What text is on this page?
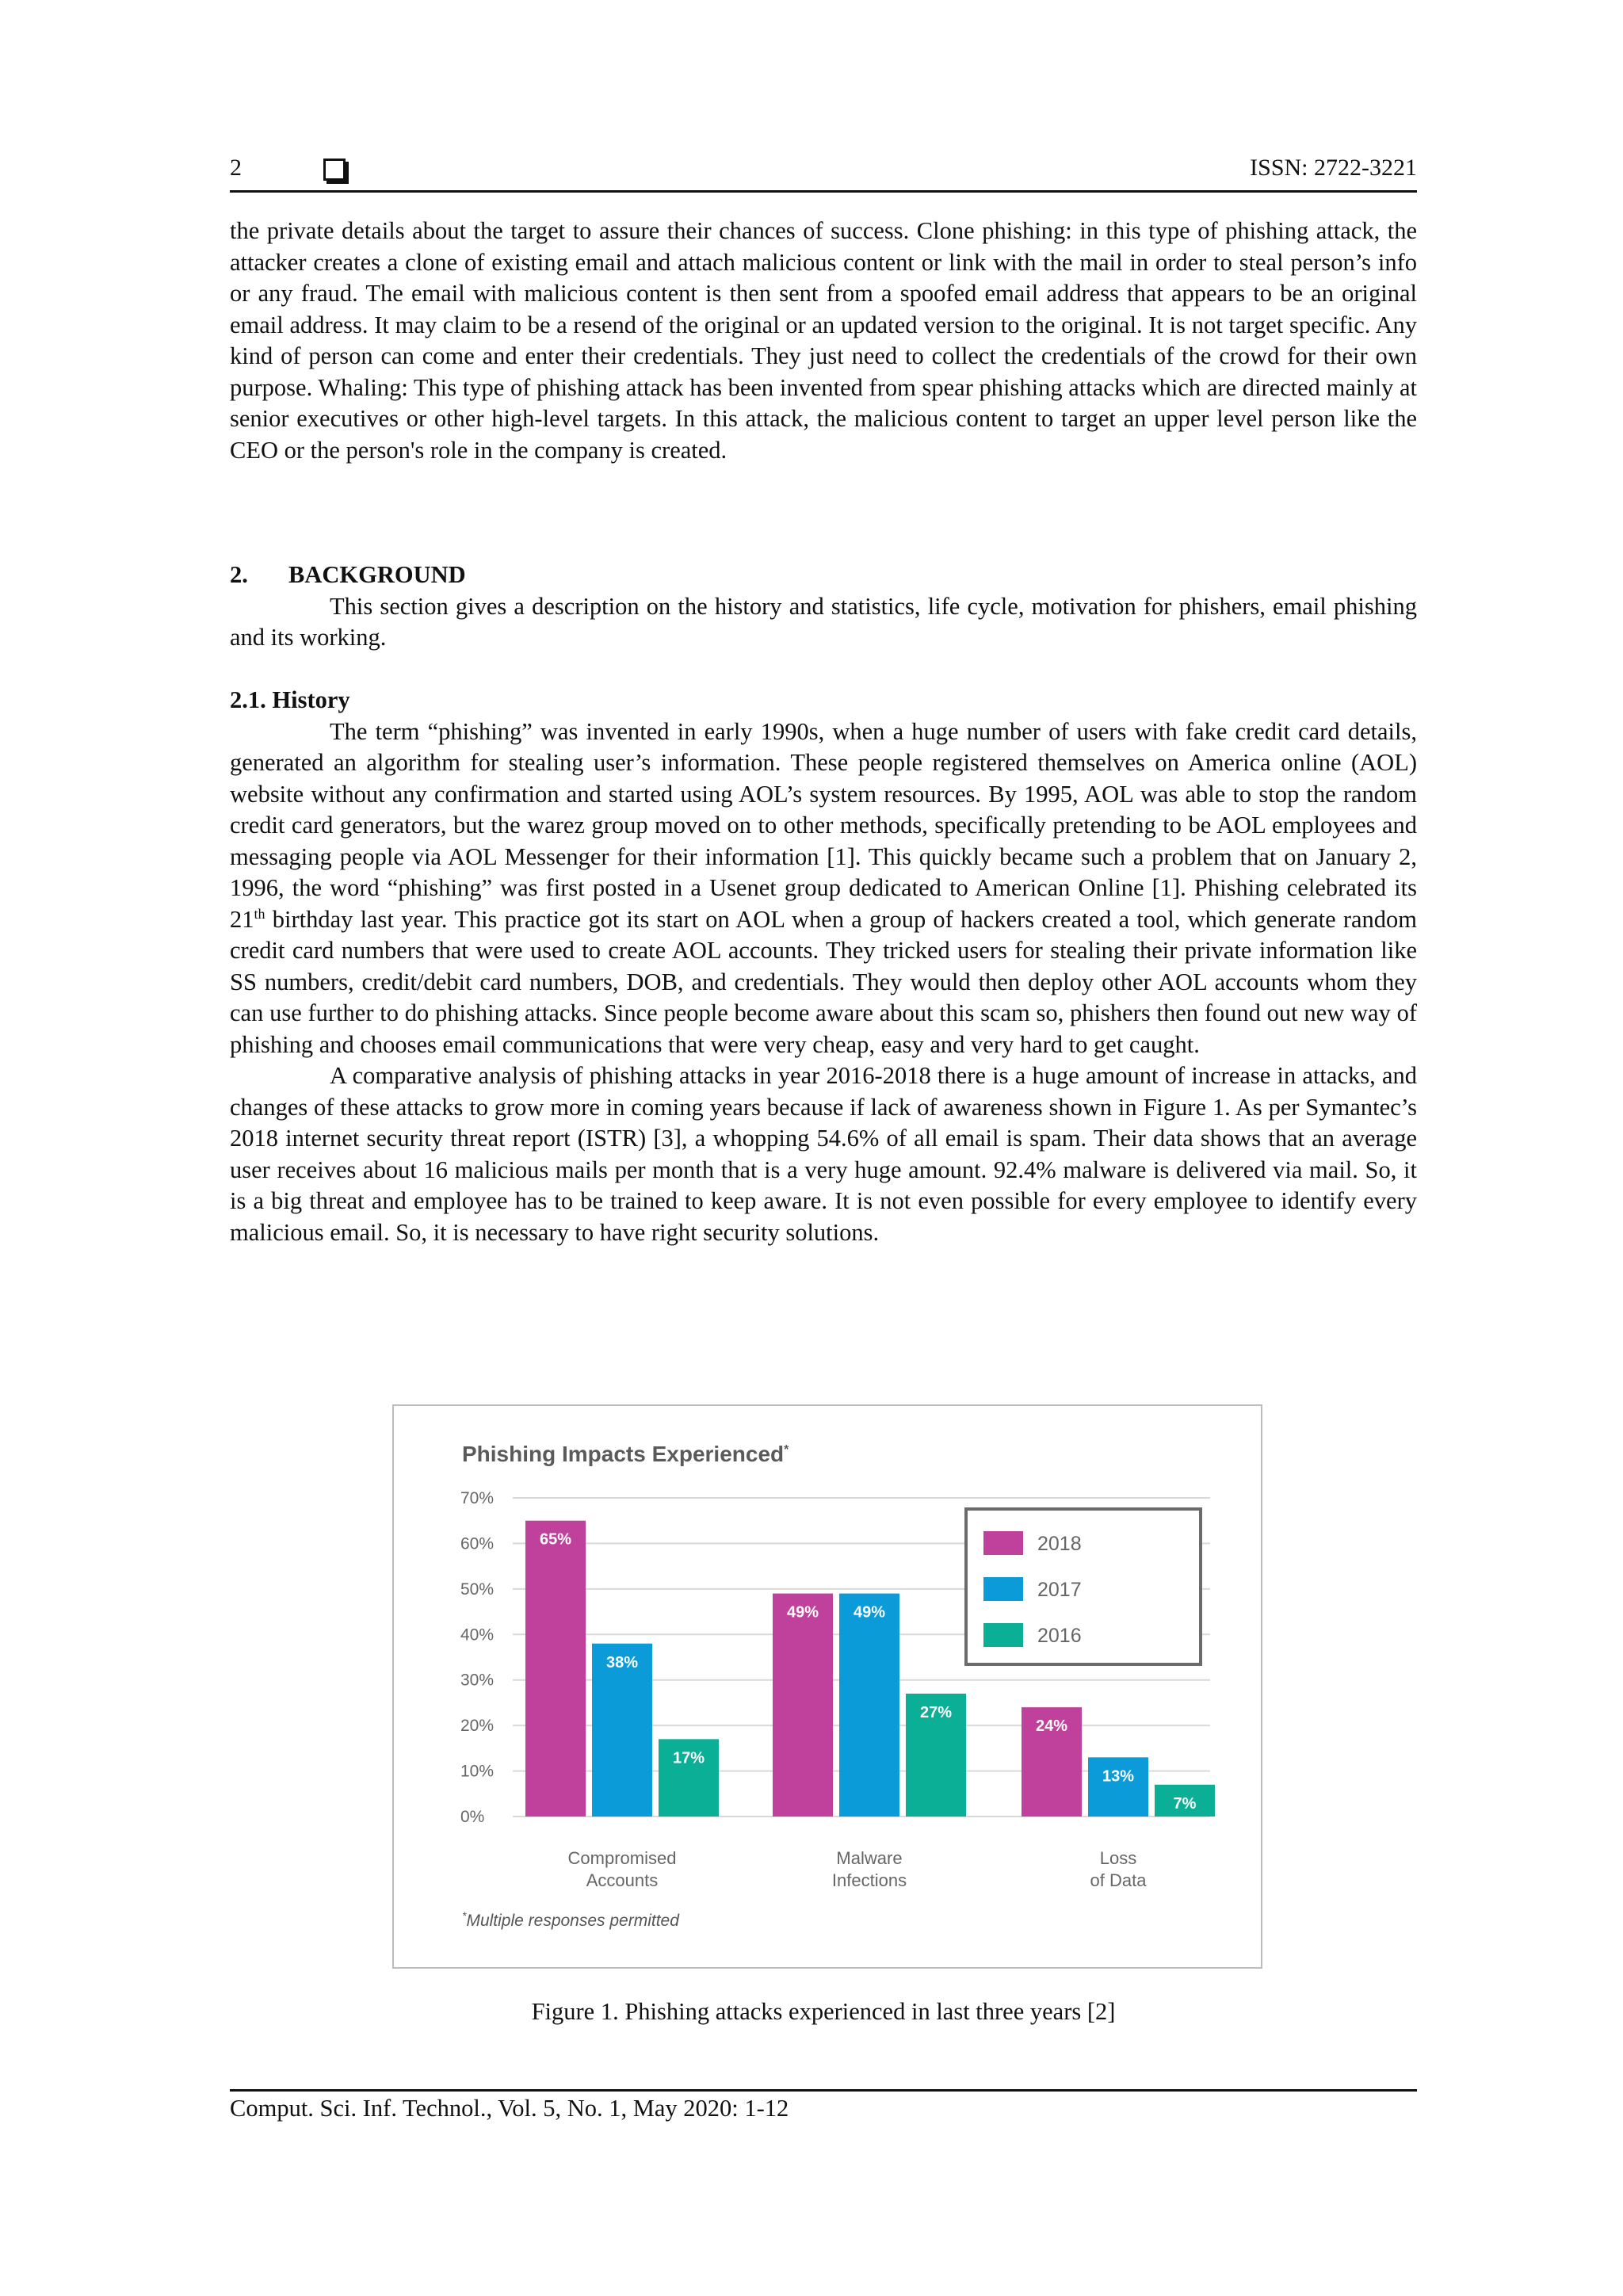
2	ISSN: 2722-3221

the private details about the target to assure their chances of success. Clone phishing: in this type of phishing attack, the attacker creates a clone of existing email and attach malicious content or link with the mail in order to steal person’s info or any fraud. The email with malicious content is then sent from a spoofed email address that appears to be an original email address. It may claim to be a resend of the original or an updated version to the original. It is not target specific. Any kind of person can come and enter their credentials. They just need to collect the credentials of the crowd for their own purpose. Whaling: This type of phishing attack has been invented from spear phishing attacks which are directed mainly at senior executives or other high-level targets. In this attack, the malicious content to target an upper level person like the CEO or the person's role in the company is created.

2. BACKGROUND

This section gives a description on the history and statistics, life cycle, motivation for phishers, email phishing and its working.

2.1. History

The term “phishing” was invented in early 1990s, when a huge number of users with fake credit card details, generated an algorithm for stealing user’s information. These people registered themselves on America online (AOL) website without any confirmation and started using AOL’s system resources. By 1995, AOL was able to stop the random credit card generators, but the warez group moved on to other methods, specifically pretending to be AOL employees and messaging people via AOL Messenger for their information [1]. This quickly became such a problem that on January 2, 1996, the word “phishing” was first posted in a Usenet group dedicated to American Online [1]. Phishing celebrated its 21th birthday last year. This practice got its start on AOL when a group of hackers created a tool, which generate random credit card numbers that were used to create AOL accounts. They tricked users for stealing their private information like SS numbers, credit/debit card numbers, DOB, and credentials. They would then deploy other AOL accounts whom they can use further to do phishing attacks. Since people become aware about this scam so, phishers then found out new way of phishing and chooses email communications that were very cheap, easy and very hard to get caught.

A comparative analysis of phishing attacks in year 2016-2018 there is a huge amount of increase in attacks, and changes of these attacks to grow more in coming years because if lack of awareness shown in Figure 1. As per Symantec’s 2018 internet security threat report (ISTR) [3], a whopping 54.6% of all email is spam. Their data shows that an average user receives about 16 malicious mails per month that is a very huge amount. 92.4% malware is delivered via mail. So, it is a big threat and employee has to be trained to keep aware. It is not even possible for every employee to identify every malicious email. So, it is necessary to have right security solutions.

Phishing Impacts Experienced*
0%
10%
20%
30%
40%
50%
60%
70%
65%
49%
24%
38%
49%
13%
17%
27%
7%
Compromised
Accounts
Malware
Infections
Loss
of Data
2018
2017
2016
*Multiple responses permitted
Figure 1. Phishing attacks experienced in last three years [2]
Comput. Sci. Inf. Technol., Vol. 5, No. 1, May 2020: 1-12
